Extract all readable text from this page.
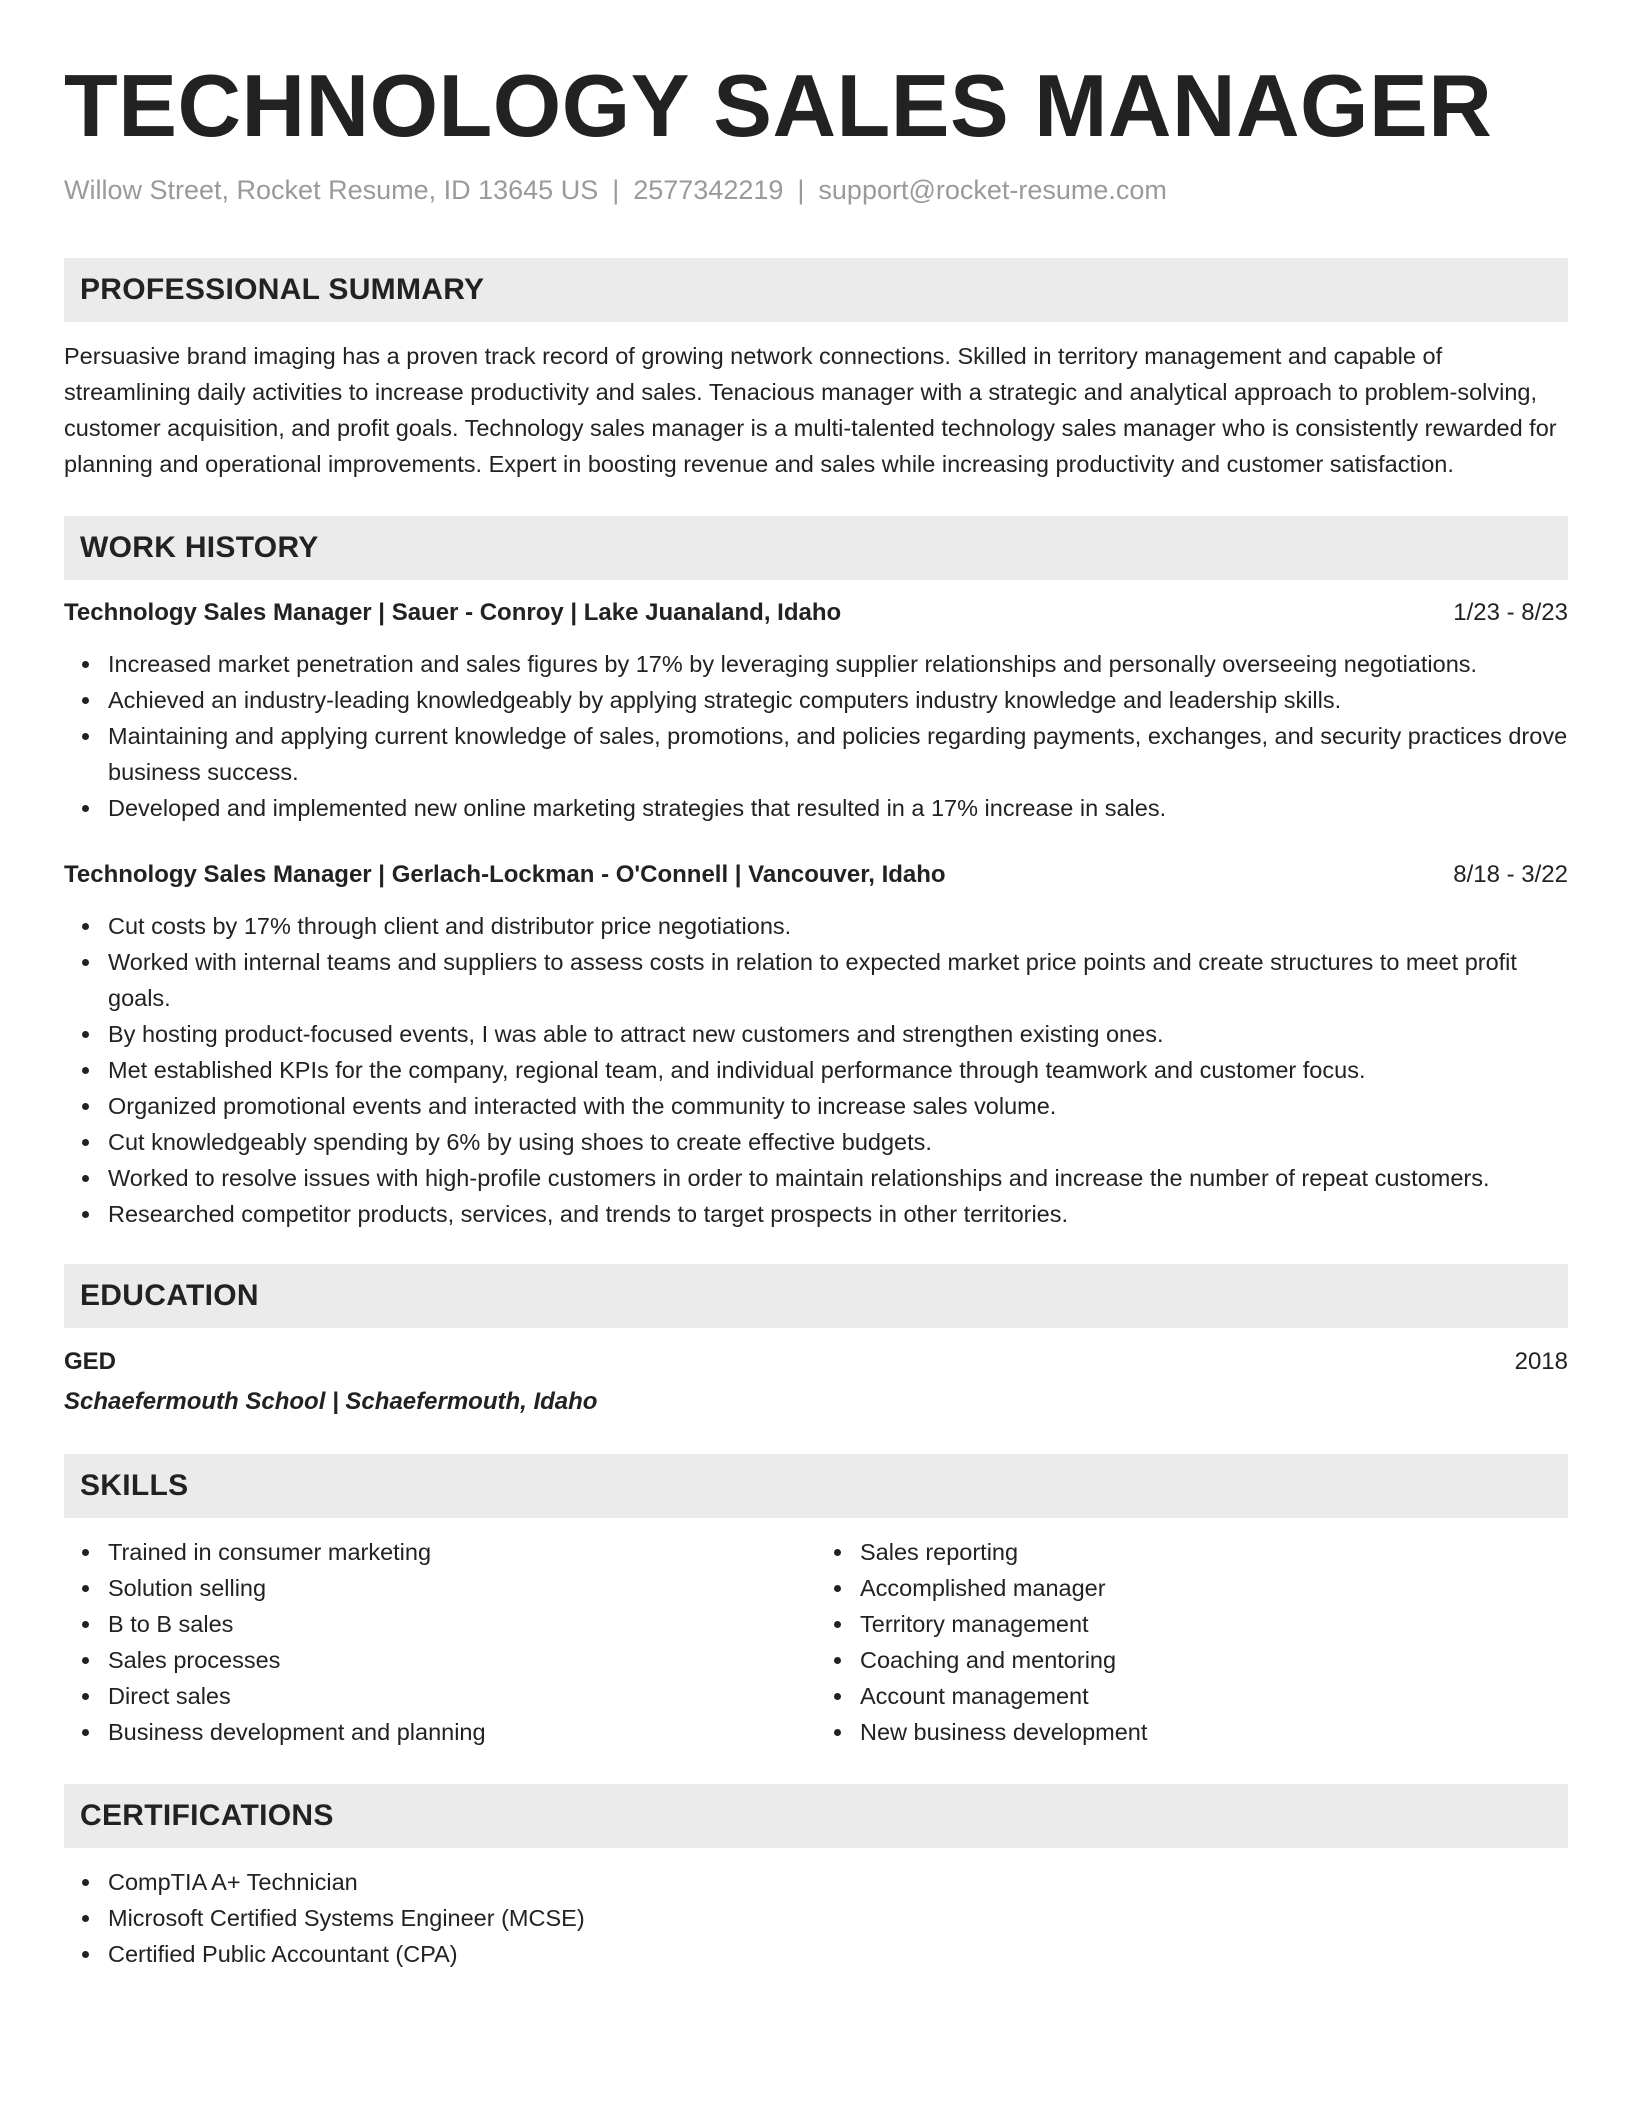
TECHNOLOGY SALES MANAGER
Willow Street, Rocket Resume, ID 13645 US | 2577342219 | support@rocket-resume.com
PROFESSIONAL SUMMARY

Persuasive brand imaging has a proven track record of growing network connections. Skilled in territory management and capable of streamlining daily activities to increase productivity and sales. Tenacious manager with a strategic and analytical approach to problem-solving, customer acquisition, and profit goals. Technology sales manager is a multi-talented technology sales manager who is consistently rewarded for planning and operational improvements. Expert in boosting revenue and sales while increasing productivity and customer satisfaction.

WORK HISTORY
Technology Sales Manager | Sauer - Conroy | Lake Juanaland, Idaho	1/23 - 8/23
Increased market penetration and sales figures by 17% by leveraging supplier relationships and personally overseeing negotiations.
Achieved an industry-leading knowledgeably by applying strategic computers industry knowledge and leadership skills.
Maintaining and applying current knowledge of sales, promotions, and policies regarding payments, exchanges, and security practices drove business success.
Developed and implemented new online marketing strategies that resulted in a 17% increase in sales.
Technology Sales Manager | Gerlach-Lockman - O'Connell | Vancouver, Idaho	8/18 - 3/22
Cut costs by 17% through client and distributor price negotiations.
Worked with internal teams and suppliers to assess costs in relation to expected market price points and create structures to meet profit goals.
By hosting product-focused events, I was able to attract new customers and strengthen existing ones.
Met established KPIs for the company, regional team, and individual performance through teamwork and customer focus.
Organized promotional events and interacted with the community to increase sales volume.
Cut knowledgeably spending by 6% by using shoes to create effective budgets.
Worked to resolve issues with high-profile customers in order to maintain relationships and increase the number of repeat customers.
Researched competitor products, services, and trends to target prospects in other territories.
EDUCATION
GED	2018
Schaefermouth School | Schaefermouth, Idaho
SKILLS
Trained in consumer marketing
Solution selling
B to B sales
Sales processes
Direct sales
Business development and planning
Sales reporting
Accomplished manager
Territory management
Coaching and mentoring
Account management
New business development
CERTIFICATIONS
CompTIA A+ Technician
Microsoft Certified Systems Engineer (MCSE)
Certified Public Accountant (CPA)
